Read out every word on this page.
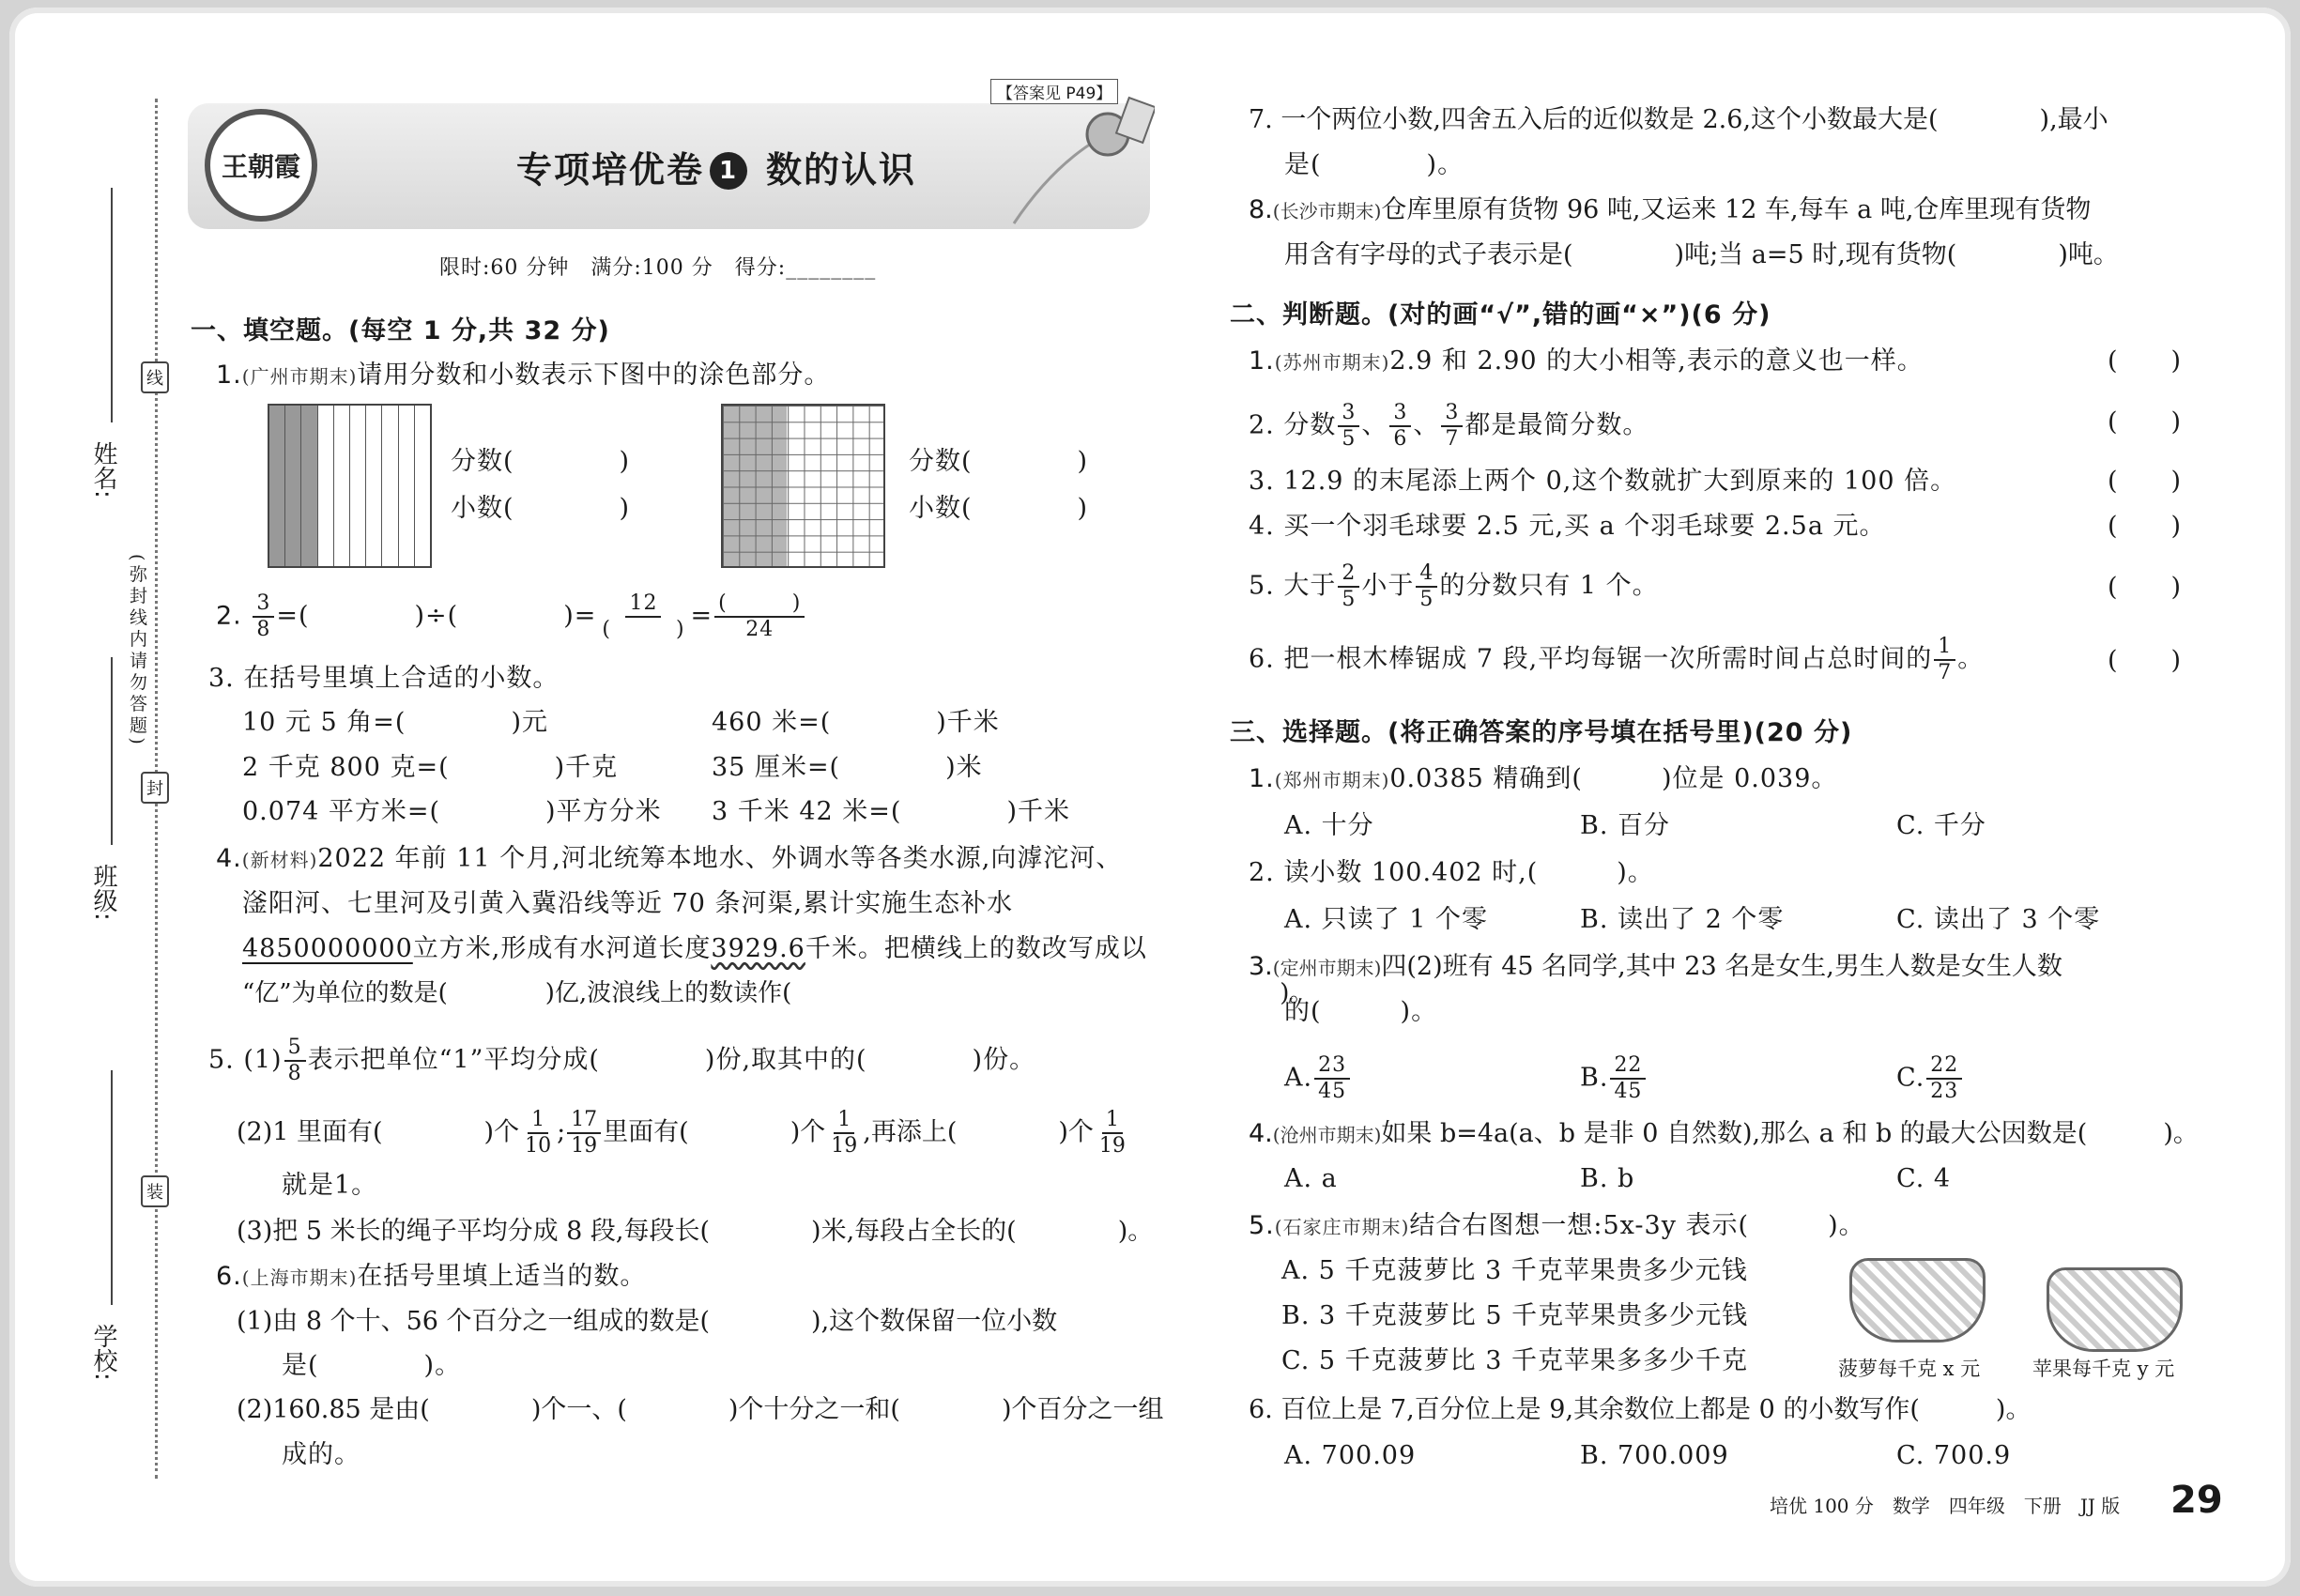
姓名:
班级:
学校:
(弥封线内请勿答题)
线
封
装
王朝霞
【答案见 P49】
专项培优卷 1 数的认识
限时:60 分钟　满分:100 分　得分:________
一、填空题。(每空 1 分,共 32 分)
1.(广州市期末)请用分数和小数表示下图中的涂色部分。
分数(　　　　)
小数(　　　　)
分数(　　　　)
小数(　　　　)
2. $\frac{3}{8}$ =(　　　　)÷(　　　　)= $\frac{12}{( )} = \frac{( )}{24}$
3. 在括号里填上合适的小数。
10 元 5 角=(　　　　)元	460 米=(　　　　)千米
2 千克 800 克=(　　　　)千克	35 厘米=(　　　　)米
0.074 平方米=(　　　　)平方分米 3 千米 42 米=(　　　　)千米
4.(新材料)2022 年前 11 个月,河北统筹本地水、外调水等各类水源,向滹沱河、
滏阳河、七里河及引黄入冀沿线等近 70 条河渠,累计实施生态补水
4850000000立方米,形成有水河道长度3929.6千米。把横线上的数改写成以
“亿”为单位的数是(　　　　)亿,波浪线上的数读作(　　　　　　　　　　　　　　　　　　　　)。
5. $(1) \frac{5}{8}$ 表示把单位“1”平均分成(　　　　)份,取其中的(　　　　)份。
(2)1 里面有(　　　　)个 $\frac{1}{10}$ ; $\frac{17}{19}$ 里面有(　　　　)个 $\frac{1}{19}$ ,再添上(　　　　)个 $\frac{1}{19}$
就是1。
(3)把 5 米长的绳子平均分成 8 段,每段长(　　　　)米,每段占全长的(　　　　)。
6.(上海市期末)在括号里填上适当的数。
(1)由 8 个十、56 个百分之一组成的数是(　　　　),这个数保留一位小数
是(　　　　)。
(2)160.85 是由(　　　　)个一、(　　　　)个十分之一和(　　　　)个百分之一组
成的。
7. 一个两位小数,四舍五入后的近似数是 2.6,这个小数最大是(　　　　),最小
是(　　　　)。
8.(长沙市期末)仓库里原有货物 96 吨,又运来 12 车,每车 a 吨,仓库里现有货物
用含有字母的式子表示是(　　　　)吨;当 a=5 时,现有货物(　　　　)吨。
二、判断题。(对的画“√”,错的画“×”)(6 分)
1.(苏州市期末)2.9 和 2.90 的大小相等,表示的意义也一样。	(　　)
2. 分数 $\frac{3}{5}$ 、 $\frac{3}{6}$ 、 $\frac{3}{7}$ 都是最简分数。	(　　)
3. 12.9 的末尾添上两个 0,这个数就扩大到原来的 100 倍。	(　　)
4. 买一个羽毛球要 2.5 元,买 a 个羽毛球要 2.5a 元。	(　　)
5. 大于 $\frac{2}{5}$ 小于 $\frac{4}{5}$ 的分数只有 1 个。	(　　)
6. 把一根木棒锯成 7 段,平均每锯一次所需时间占总时间的 $\frac{1}{7}$ 。	(　　)
三、选择题。(将正确答案的序号填在括号里)(20 分)
1.(郑州市期末)0.0385 精确到(　　　)位是 0.039。
A. 十分	B. 百分	C. 千分
2. 读小数 100.402 时,(　　　)。
A. 只读了 1 个零	B. 读出了 2 个零	C. 读出了 3 个零
3.(定州市期末)四(2)班有 45 名同学,其中 23 名是女生,男生人数是女生人数
的(　　　)。
A. $\frac{23}{45}$	B. $\frac{22}{45}$	C. $\frac{22}{23}$
4.(沧州市期末)如果 b=4a(a、b 是非 0 自然数),那么 a 和 b 的最大公因数是(　　　)。
A. a	B. b	C. 4
5.(石家庄市期末)结合右图想一想:5x-3y 表示(　　　)。
A. 5 千克菠萝比 3 千克苹果贵多少元钱
B. 3 千克菠萝比 5 千克苹果贵多少元钱
C. 5 千克菠萝比 3 千克苹果多多少千克	菠萝每千克 x 元	苹果每千克 y 元
6. 百位上是 7,百分位上是 9,其余数位上都是 0 的小数写作(　　　)。
A. 700.09	B. 700.009	C. 700.9
培优 100 分　数学　四年级　下册　JJ 版 29
